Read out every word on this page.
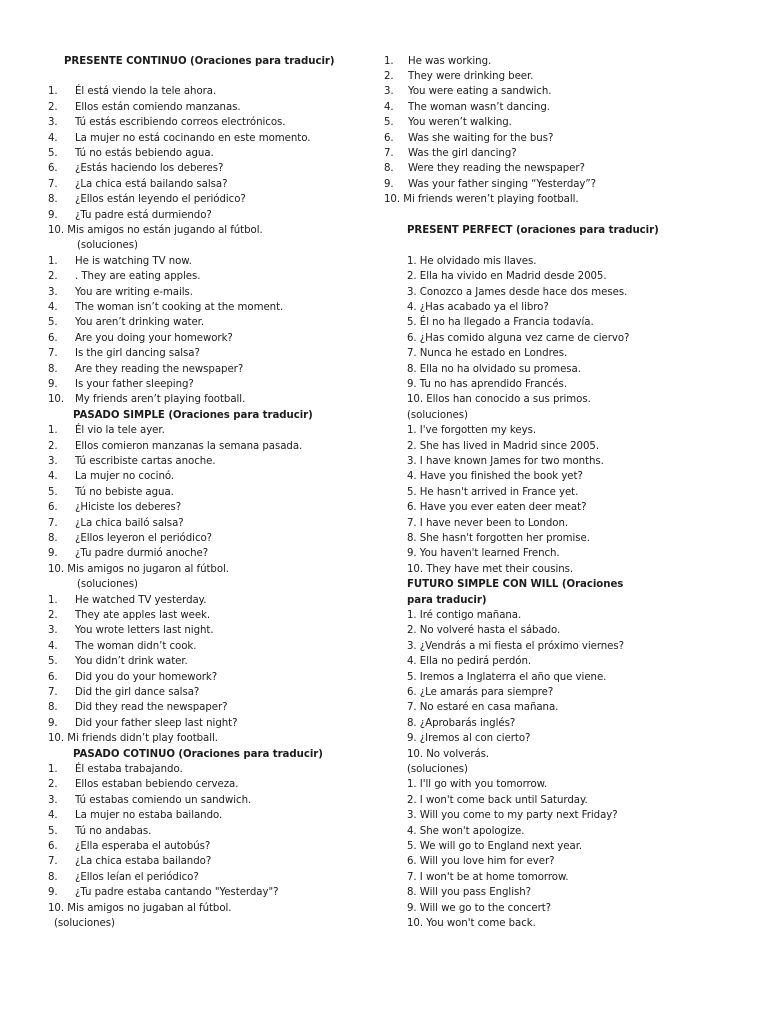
PRESENTE CONTINUO (Oraciones para traducir)
1. Él está viendo la tele ahora.
2. Ellos están comiendo manzanas.
3. Tú estás escribiendo correos electrónicos.
4. La mujer no está cocinando en este momento.
5. Tú no estás bebiendo agua.
6. ¿Estás haciendo los deberes?
7. ¿La chica está bailando salsa?
8. ¿Ellos están leyendo el periódico?
9. ¿Tu padre está durmiendo?
10. Mis amigos no están jugando al fútbol.
(soluciones)
1. He is watching TV now.
2. . They are eating apples.
3. You are writing e-mails.
4. The woman isn’t cooking at the moment.
5. You aren’t drinking water.
6. Are you doing your homework?
7. Is the girl dancing salsa?
8. Are they reading the newspaper?
9. Is your father sleeping?
10. My friends aren’t playing football.
PASADO SIMPLE (Oraciones para traducir)
1. Él vio la tele ayer.
2. Ellos comieron manzanas la semana pasada.
3. Tú escribiste cartas anoche.
4. La mujer no cocinó.
5. Tú no bebiste agua.
6. ¿Hiciste los deberes?
7. ¿La chica bailó salsa?
8. ¿Ellos leyeron el periódico?
9. ¿Tu padre durmió anoche?
10. Mis amigos no jugaron al fútbol.
(soluciones)
1. He watched TV yesterday.
2. They ate apples last week.
3. You wrote letters last night.
4. The woman didn’t cook.
5. You didn’t drink water.
6. Did you do your homework?
7. Did the girl dance salsa?
8. Did they read the newspaper?
9. Did your father sleep last night?
10. Mi friends didn’t play football.
PASADO COTINUO (Oraciones para traducir)
1. Él estaba trabajando.
2. Ellos estaban bebiendo cerveza.
3. Tú estabas comiendo un sandwich.
4. La mujer no estaba bailando.
5. Tú no andabas.
6. ¿Ella esperaba el autobús?
7. ¿La chica estaba bailando?
8. ¿Ellos leían el periódico?
9. ¿Tu padre estaba cantando "Yesterday"?
10. Mis amigos no jugaban al fútbol.
(soluciones)
1. He was working.
2. They were drinking beer.
3. You were eating a sandwich.
4. The woman wasn’t dancing.
5. You weren’t walking.
6. Was she waiting for the bus?
7. Was the girl dancing?
8. Were they reading the newspaper?
9. Was your father singing “Yesterday”?
10. Mi friends weren’t playing football.
PRESENT PERFECT (oraciones para traducir)
1. He olvidado mis llaves.
2. Ella ha vivido en Madrid desde 2005.
3. Conozco a James desde hace dos meses.
4. ¿Has acabado ya el libro?
5. Él no ha llegado a Francia todavía.
6. ¿Has comido alguna vez carne de ciervo?
7. Nunca he estado en Londres.
8. Ella no ha olvidado su promesa.
9. Tu no has aprendido Francés.
10. Ellos han conocido a sus primos.
(soluciones)
1. I've forgotten my keys.
2. She has lived in Madrid since 2005.
3. I have known James for two months.
4. Have you finished the book yet?
5. He hasn't arrived in France yet.
6. Have you ever eaten deer meat?
7. I have never been to London.
8. She hasn't forgotten her promise.
9. You haven't learned French.
10. They have met their cousins.
FUTURO SIMPLE CON WILL (Oraciones para traducir)
1. Iré contigo mañana.
2. No volveré hasta el sábado.
3. ¿Vendrás a mi fiesta el próximo viernes?
4. Ella no pedirá perdón.
5. Iremos a Inglaterra el año que viene.
6. ¿Le amarás para siempre?
7. No estaré en casa mañana.
8. ¿Aprobarás inglés?
9. ¿Iremos al con cierto?
10. No volverás.
(soluciones)
1. I'll go with you tomorrow.
2. I won't come back until Saturday.
3. Will you come to my party next Friday?
4. She won't apologize.
5. We will go to England next year.
6. Will you love him for ever?
7. I won't be at home tomorrow.
8. Will you pass English?
9. Will we go to the concert?
10. You won't come back.
